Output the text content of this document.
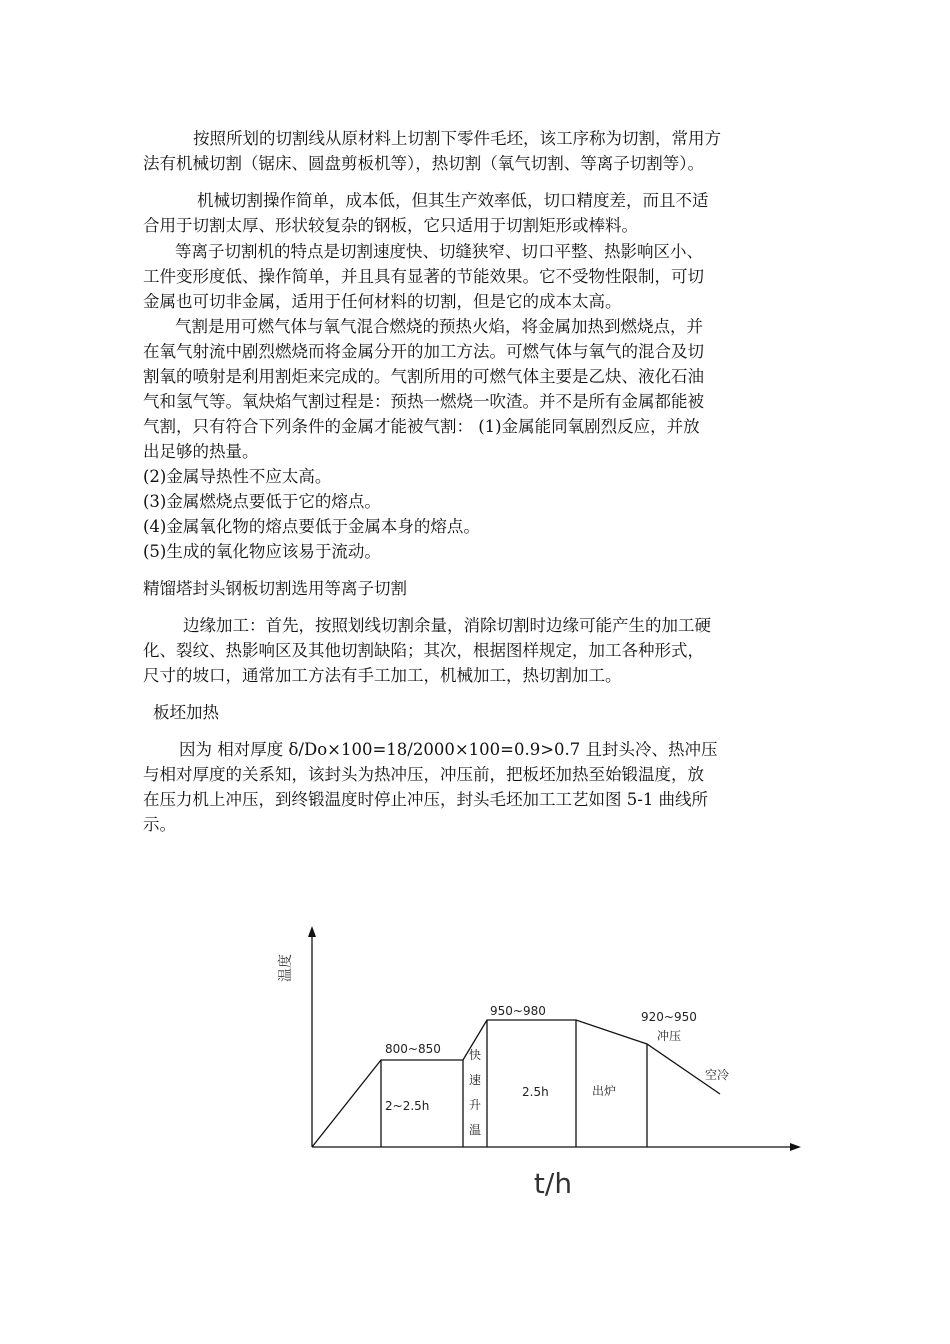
按照所划的切割线从原材料上切割下零件毛坯，该工序称为切割，常用方
法有机械切割（锯床、圆盘剪板机等），热切割（氧气切割、等离子切割等）。
机械切割操作简单，成本低，但其生产效率低，切口精度差，而且不适
合用于切割太厚、形状较复杂的钢板，它只适用于切割矩形或棒料。
等离子切割机的特点是切割速度快、切缝狭窄、切口平整、热影响区小、
工件变形度低、操作简单，并且具有显著的节能效果。它不受物性限制，可切
金属也可切非金属，适用于任何材料的切割，但是它的成本太高。
气割是用可燃气体与氧气混合燃烧的预热火焰，将金属加热到燃烧点，并
在氧气射流中剧烈燃烧而将金属分开的加工方法。可燃气体与氧气的混合及切
割氧的喷射是利用割炬来完成的。气割所用的可燃气体主要是乙炔、液化石油
气和氢气等。氧炔焰气割过程是：预热一燃烧一吹渣。并不是所有金属都能被
气割，只有符合下列条件的金属才能被气割： (1)金属能同氧剧烈反应，并放
出足够的热量。
(2)金属导热性不应太高。
(3)金属燃烧点要低于它的熔点。
(4)金属氧化物的熔点要低于金属本身的熔点。
(5)生成的氧化物应该易于流动。
精馏塔封头钢板切割选用等离子切割
边缘加工：首先，按照划线切割余量，消除切割时边缘可能产生的加工硬
化、裂纹、热影响区及其他切割缺陷；其次，根据图样规定，加工各种形式，
尺寸的坡口，通常加工方法有手工加工，机械加工，热切割加工。
板坯加热
因为 相对厚度 δ/Do×100=18/2000×100=0.9>0.7 且封头冷、热冲压
与相对厚度的关系知，该封头为热冲压，冲压前，把板坯加热至始锻温度，放
在压力机上冲压，到终锻温度时停止冲压，封头毛坯加工工艺如图 5-1 曲线所
示。
温度
t/h
800~850
950~980	920~950
2~2.5h
快
速
升
温
2.5h	出炉
冲压
空冷
